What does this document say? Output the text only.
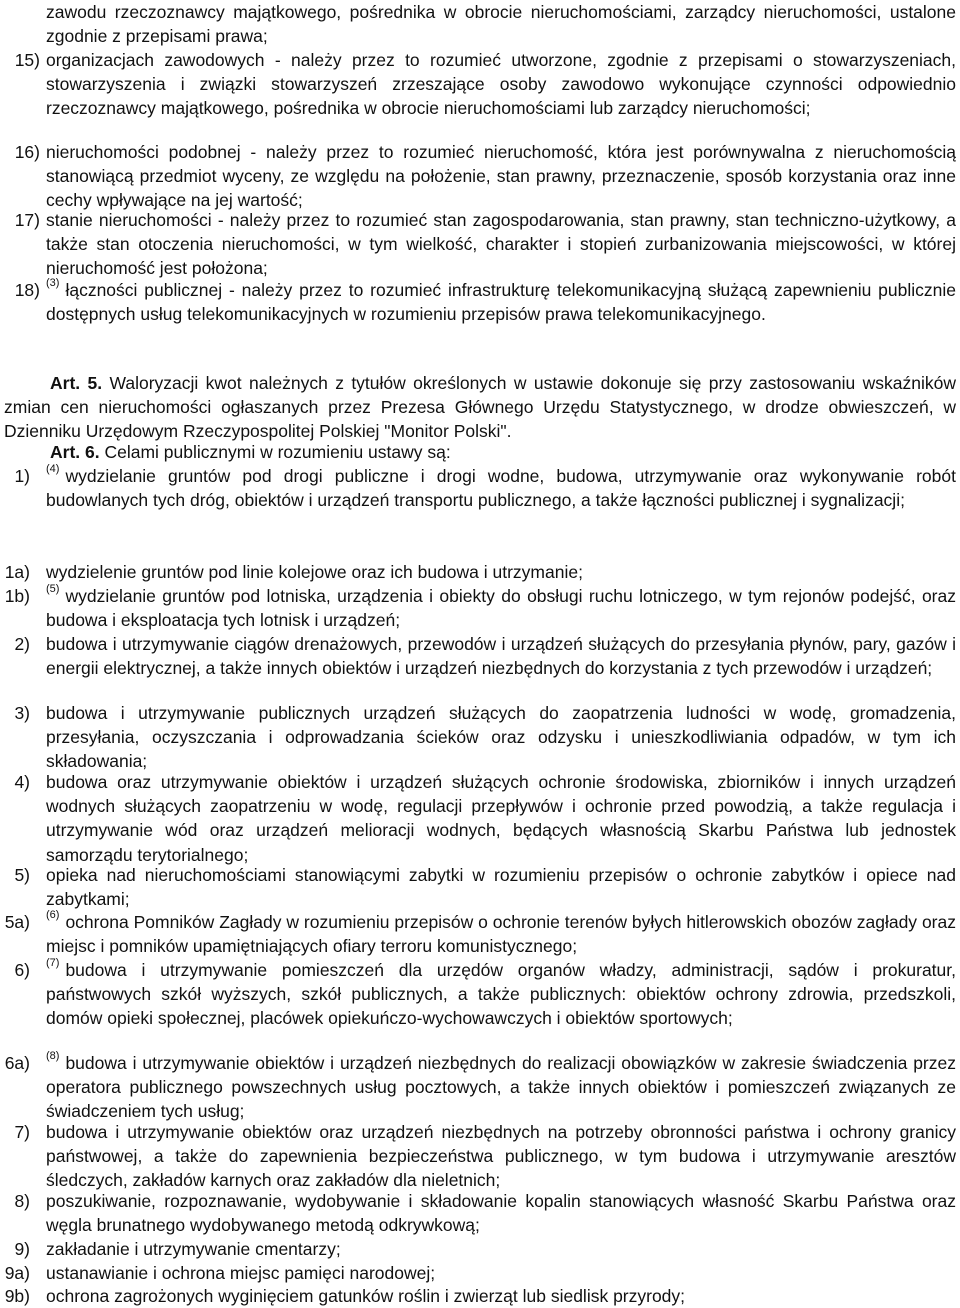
zawodu rzeczoznawcy majątkowego, pośrednika w obrocie nieruchomościami, zarządcy nieruchomości, ustalone zgodnie z przepisami prawa;
15) organizacjach zawodowych - należy przez to rozumieć utworzone, zgodnie z przepisami o stowarzyszeniach, stowarzyszenia i związki stowarzyszeń zrzeszające osoby zawodowo wykonujące czynności odpowiednio rzeczoznawcy majątkowego, pośrednika w obrocie nieruchomościami lub zarządcy nieruchomości;
16) nieruchomości podobnej - należy przez to rozumieć nieruchomość, która jest porównywalna z nieruchomością stanowiącą przedmiot wyceny, ze względu na położenie, stan prawny, przeznaczenie, sposób korzystania oraz inne cechy wpływające na jej wartość;
17) stanie nieruchomości - należy przez to rozumieć stan zagospodarowania, stan prawny, stan techniczno-użytkowy, a także stan otoczenia nieruchomości, w tym wielkość, charakter i stopień zurbanizowania miejscowości, w której nieruchomość jest położona;
18) $^{(3)}$ łączności publicznej - należy przez to rozumieć infrastrukturę telekomunikacyjną służącą zapewnieniu publicznie dostępnych usług telekomunikacyjnych w rozumieniu przepisów prawa telekomunikacyjnego.
Art. 5. Waloryzacji kwot należnych z tytułów określonych w ustawie dokonuje się przy zastosowaniu wskaźników zmian cen nieruchomości ogłaszanych przez Prezesa Głównego Urzędu Statystycznego, w drodze obwieszczeń, w Dzienniku Urzędowym Rzeczypospolitej Polskiej "Monitor Polski".
Art. 6. Celami publicznymi w rozumieniu ustawy są:
1) $^{(4)}$ wydzielanie gruntów pod drogi publiczne i drogi wodne, budowa, utrzymywanie oraz wykonywanie robót budowlanych tych dróg, obiektów i urządzeń transportu publicznego, a także łączności publicznej i sygnalizacji;
1a) wydzielenie gruntów pod linie kolejowe oraz ich budowa i utrzymanie;
1b) $^{(5)}$ wydzielanie gruntów pod lotniska, urządzenia i obiekty do obsługi ruchu lotniczego, w tym rejonów podejść, oraz budowa i eksploatacja tych lotnisk i urządzeń;
2) budowa i utrzymywanie ciągów drenażowych, przewodów i urządzeń służących do przesyłania płynów, pary, gazów i energii elektrycznej, a także innych obiektów i urządzeń niezbędnych do korzystania z tych przewodów i urządzeń;
3) budowa i utrzymywanie publicznych urządzeń służących do zaopatrzenia ludności w wodę, gromadzenia, przesyłania, oczyszczania i odprowadzania ścieków oraz odzysku i unieszkodliwiania odpadów, w tym ich składowania;
4) budowa oraz utrzymywanie obiektów i urządzeń służących ochronie środowiska, zbiorników i innych urządzeń wodnych służących zaopatrzeniu w wodę, regulacji przepływów i ochronie przed powodzią, a także regulacja i utrzymywanie wód oraz urządzeń melioracji wodnych, będących własnością Skarbu Państwa lub jednostek samorządu terytorialnego;
5) opieka nad nieruchomościami stanowiącymi zabytki w rozumieniu przepisów o ochronie zabytków i opiece nad zabytkami;
5a) $^{(6)}$ ochrona Pomników Zagłady w rozumieniu przepisów o ochronie terenów byłych hitlerowskich obozów zagłady oraz miejsc i pomników upamiętniających ofiary terroru komunistycznego;
6) $^{(7)}$ budowa i utrzymywanie pomieszczeń dla urzędów organów władzy, administracji, sądów i prokuratur, państwowych szkół wyższych, szkół publicznych, a także publicznych: obiektów ochrony zdrowia, przedszkoli, domów opieki społecznej, placówek opiekuńczo-wychowawczych i obiektów sportowych;
6a) $^{(8)}$ budowa i utrzymywanie obiektów i urządzeń niezbędnych do realizacji obowiązków w zakresie świadczenia przez operatora publicznego powszechnych usług pocztowych, a także innych obiektów i pomieszczeń związanych ze świadczeniem tych usług;
7) budowa i utrzymywanie obiektów oraz urządzeń niezbędnych na potrzeby obronności państwa i ochrony granicy państwowej, a także do zapewnienia bezpieczeństwa publicznego, w tym budowa i utrzymywanie aresztów śledczych, zakładów karnych oraz zakładów dla nieletnich;
8) poszukiwanie, rozpoznawanie, wydobywanie i składowanie kopalin stanowiących własność Skarbu Państwa oraz węgla brunatnego wydobywanego metodą odkrywkową;
9) zakładanie i utrzymywanie cmentarzy;
9a) ustanawianie i ochrona miejsc pamięci narodowej;
9b) ochrona zagrożonych wyginięciem gatunków roślin i zwierząt lub siedlisk przyrody;
